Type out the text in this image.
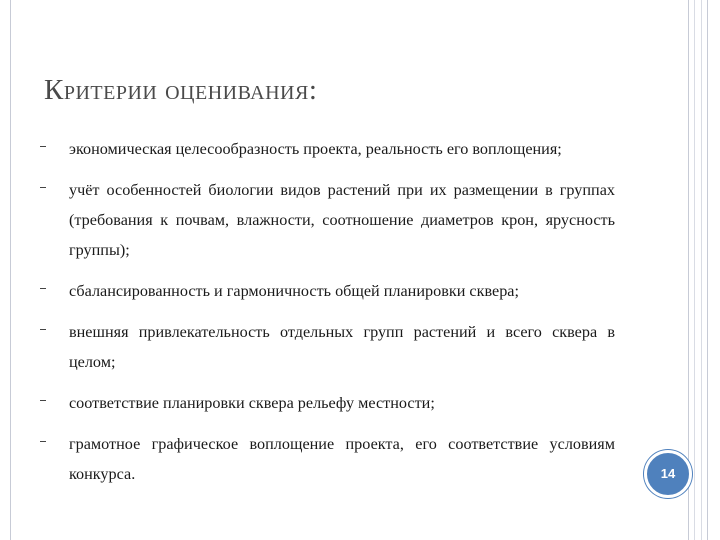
Критерии оценивания:
экономическая целесообразность проекта, реальность его воплощения;
учёт особенностей биологии видов растений при их размещении в группах (требования к почвам, влажности, соотношение диаметров крон, ярусность группы);
сбалансированность и гармоничность общей планировки сквера;
внешняя привлекательность отдельных групп растений и всего сквера в целом;
соответствие планировки сквера рельефу местности;
грамотное графическое воплощение проекта, его соответствие условиям конкурса.	14
